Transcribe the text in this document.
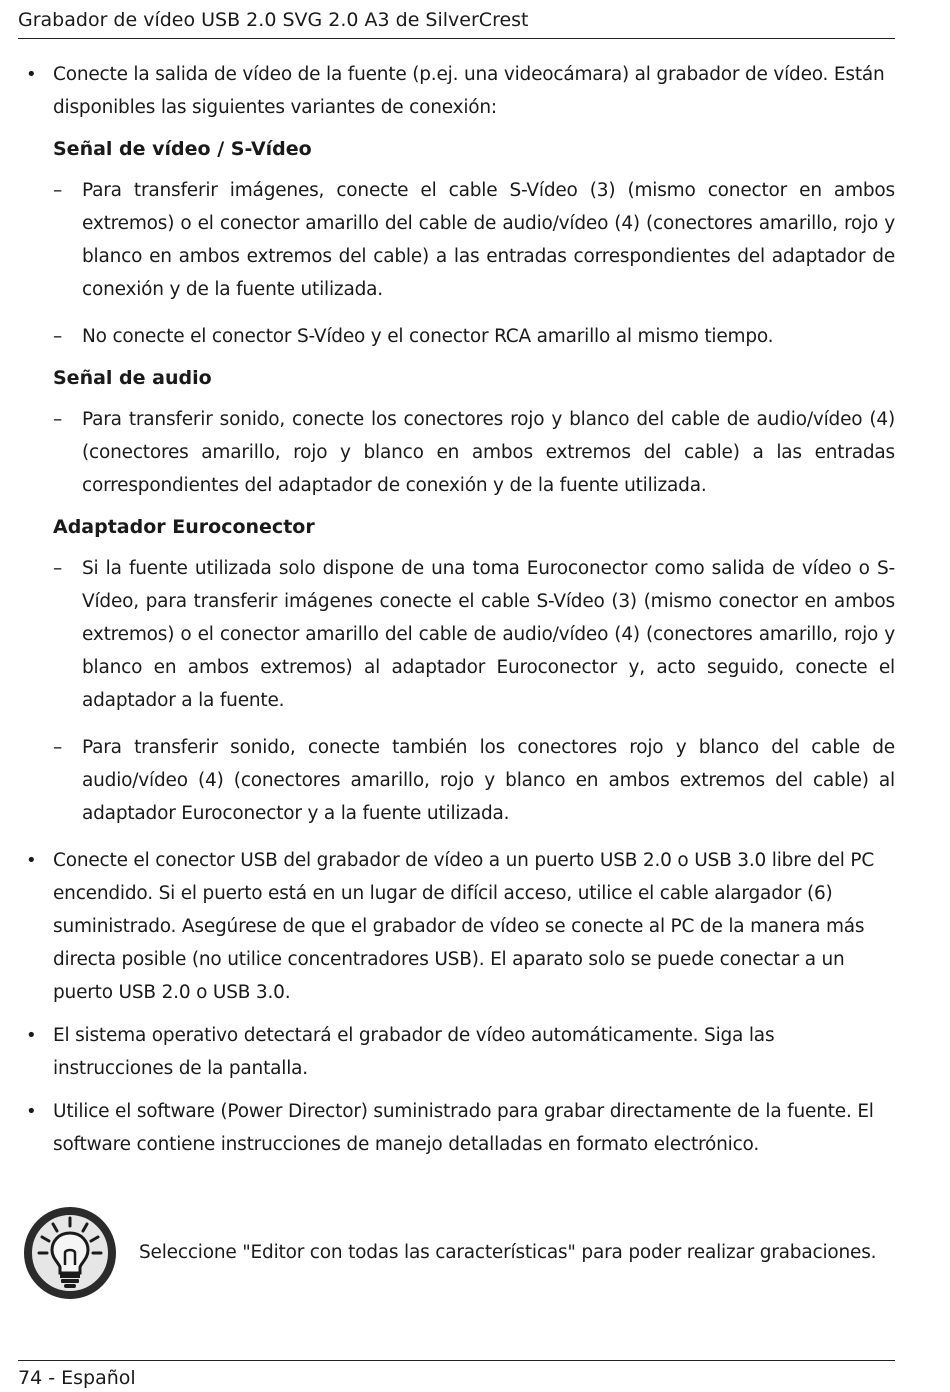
Grabador de vídeo USB 2.0 SVG 2.0 A3 de SilverCrest
• Conecte la salida de vídeo de la fuente (p.ej. una videocámara) al grabador de vídeo. Están disponibles las siguientes variantes de conexión:
Señal de vídeo / S-Vídeo
– Para transferir imágenes, conecte el cable S-Vídeo (3) (mismo conector en ambos extremos) o el conector amarillo del cable de audio/vídeo (4) (conectores amarillo, rojo y blanco en ambos extremos del cable) a las entradas correspondientes del adaptador de conexión y de la fuente utilizada.
– No conecte el conector S-Vídeo y el conector RCA amarillo al mismo tiempo.
Señal de audio
– Para transferir sonido, conecte los conectores rojo y blanco del cable de audio/vídeo (4) (conectores amarillo, rojo y blanco en ambos extremos del cable) a las entradas correspondientes del adaptador de conexión y de la fuente utilizada.
Adaptador Euroconector
– Si la fuente utilizada solo dispone de una toma Euroconector como salida de vídeo o S-Vídeo, para transferir imágenes conecte el cable S-Vídeo (3) (mismo conector en ambos extremos) o el conector amarillo del cable de audio/vídeo (4) (conectores amarillo, rojo y blanco en ambos extremos) al adaptador Euroconector y, acto seguido, conecte el adaptador a la fuente.
– Para transferir sonido, conecte también los conectores rojo y blanco del cable de audio/vídeo (4) (conectores amarillo, rojo y blanco en ambos extremos del cable) al adaptador Euroconector y a la fuente utilizada.
• Conecte el conector USB del grabador de vídeo a un puerto USB 2.0 o USB 3.0 libre del PC encendido. Si el puerto está en un lugar de difícil acceso, utilice el cable alargador (6) suministrado. Asegúrese de que el grabador de vídeo se conecte al PC de la manera más directa posible (no utilice concentradores USB). El aparato solo se puede conectar a un puerto USB 2.0 o USB 3.0.
• El sistema operativo detectará el grabador de vídeo automáticamente. Siga las instrucciones de la pantalla.
• Utilice el software (Power Director) suministrado para grabar directamente de la fuente. El software contiene instrucciones de manejo detalladas en formato electrónico.
Seleccione "Editor con todas las características" para poder realizar grabaciones.
74 - Español
